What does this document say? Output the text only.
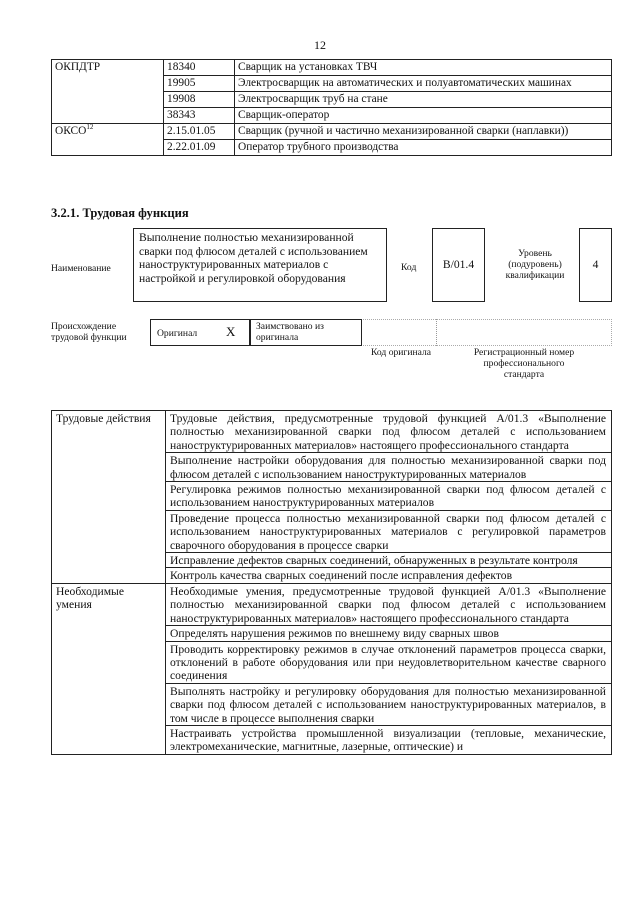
12
ОКПДТР	18340	Сварщик на установках ТВЧ
	19905	Электросварщик на автоматических и полуавтоматических машинах
	19908	Электросварщик труб на стане
	38343	Сварщик-оператор
ОКСО$^{12}$	2.15.01.05	Сварщик (ручной и частично механизированной сварки (наплавки))
	2.22.01.09	Оператор трубного производства
3.2.1. Трудовая функция
Наименование
Выполнение полностью механизированной сварки под флюсом деталей с использованием наноструктурированных материалов с настройкой и регулировкой оборудования
Код B/01.4
Уровень (подуровень) квалификации
4
Происхождение трудовой функции	Оригинал X Заимствовано из оригинала
Код оригинала	Регистрационный номер профессионального стандарта
Трудовые действия	Трудовые действия, предусмотренные трудовой функцией A/01.3 «Выполнение полностью механизированной сварки под флюсом деталей с использованием наноструктурированных материалов» настоящего профессионального стандарта
	Выполнение настройки оборудования для полностью механизированной сварки под флюсом деталей с использованием наноструктурированных материалов
	Регулировка режимов полностью механизированной сварки под флюсом деталей с использованием наноструктурированных материалов
	Проведение процесса полностью механизированной сварки под флюсом деталей с использованием наноструктурированных материалов с регулировкой параметров сварочного оборудования в процессе сварки
	Исправление дефектов сварных соединений, обнаруженных в результате контроля
	Контроль качества сварных соединений после исправления дефектов
Необходимые умения	Необходимые умения, предусмотренные трудовой функцией A/01.3 «Выполнение полностью механизированной сварки под флюсом деталей с использованием наноструктурированных материалов» настоящего профессионального стандарта
	Определять нарушения режимов по внешнему виду сварных швов
	Проводить корректировку режимов в случае отклонений параметров процесса сварки, отклонений в работе оборудования или при неудовлетворительном качестве сварного соединения
	Выполнять настройку и регулировку оборудования для полностью механизированной сварки под флюсом деталей с использованием наноструктурированных материалов, в том числе в процессе выполнения сварки
	Настраивать устройства промышленной визуализации (тепловые, механические, электромеханические, магнитные, лазерные, оптические) и
